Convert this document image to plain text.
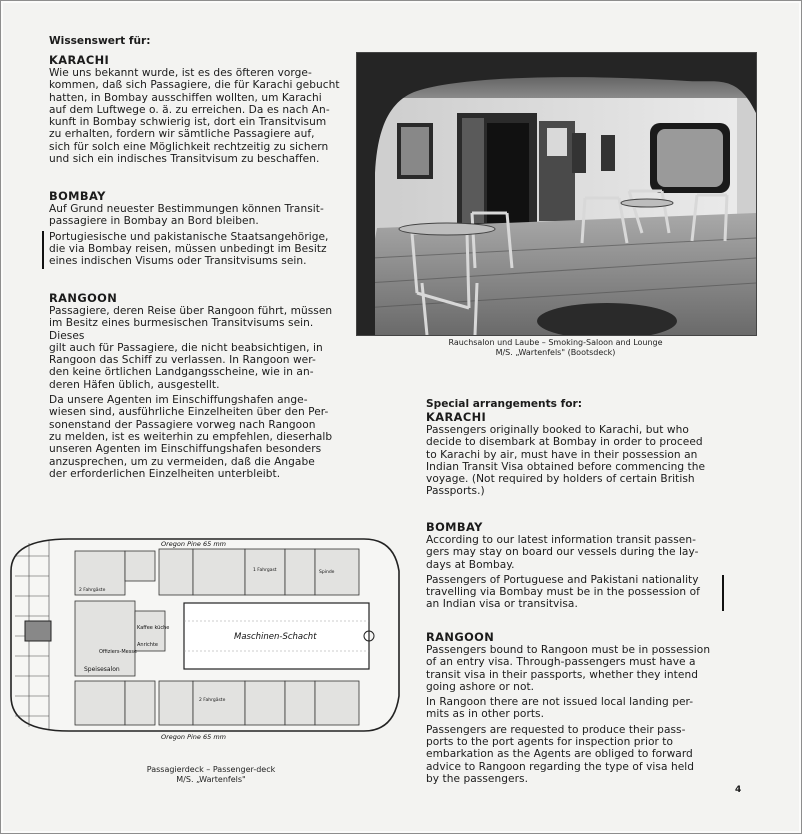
Wissenswert für:
KARACHI
Wie uns bekannt wurde, ist es des öfteren vorge-
kommen, daß sich Passagiere, die für Karachi gebucht
hatten, in Bombay ausschiffen wollten, um Karachi
auf dem Luftwege o. ä. zu erreichen. Da es nach An-
kunft in Bombay schwierig ist, dort ein Transitvisum
zu erhalten, fordern wir sämtliche Passagiere auf,
sich für solch eine Möglichkeit rechtzeitig zu sichern
und sich ein indisches Transitvisum zu beschaffen.
BOMBAY
Auf Grund neuester Bestimmungen können Transit-
passagiere in Bombay an Bord bleiben.
Portugiesische und pakistanische Staatsangehörige,
die via Bombay reisen, müssen unbedingt im Besitz
eines indischen Visums oder Transitvisums sein.
RANGOON
Passagiere, deren Reise über Rangoon führt, müssen
im Besitz eines burmesischen Transitvisums sein. Dieses
gilt auch für Passagiere, die nicht beabsichtigen, in
Rangoon das Schiff zu verlassen. In Rangoon wer-
den keine örtlichen Landgangsscheine, wie in an-
deren Häfen üblich, ausgestellt.
Da unsere Agenten im Einschiffungshafen ange-
wiesen sind, ausführliche Einzelheiten über den Per-
sonenstand der Passagiere vorweg nach Rangoon
zu melden, ist es weiterhin zu empfehlen, dieserhalb
unseren Agenten im Einschiffungshafen besonders
anzusprechen, um zu vermeiden, daß die Angabe
der erforderlichen Einzelheiten unterbleibt.
Rauchsalon und Laube – Smoking-Saloon and Lounge
M/S. „Wartenfels" (Bootsdeck)
Special arrangements for:
KARACHI
Passengers originally booked to Karachi, but who
decide to disembark at Bombay in order to proceed
to Karachi by air, must have in their possession an
Indian Transit Visa obtained before commencing the
voyage. (Not required by holders of certain British
Passports.)
BOMBAY
According to our latest information transit passen-
gers may stay on board our vessels during the lay-
days at Bombay.
Passengers of Portuguese and Pakistani nationality
travelling via Bombay must be in the possession of
an Indian visa or transitvisa.
RANGOON
Passengers bound to Rangoon must be in possession
of an entry visa. Through-passengers must have a
transit visa in their passports, whether they intend
going ashore or not.
In Rangoon there are not issued local landing per-
mits as in other ports.
Passengers are requested to produce their pass-
ports to the port agents for inspection prior to
embarkation as the Agents are obliged to forward
advice to Rangoon regarding the type of visa held
by the passengers.
Oregon Pine 65 mm
Oregon Pine 65 mm
Maschinen-Schacht
Speisesalon
Offiziers-Messe
Kaffee küche
Anrichte
2 Fahrgäste
1 Fahrgast
2 Fahrgäste
Spinde
Passagierdeck – Passenger-deck
M/S. „Wartenfels"
4
